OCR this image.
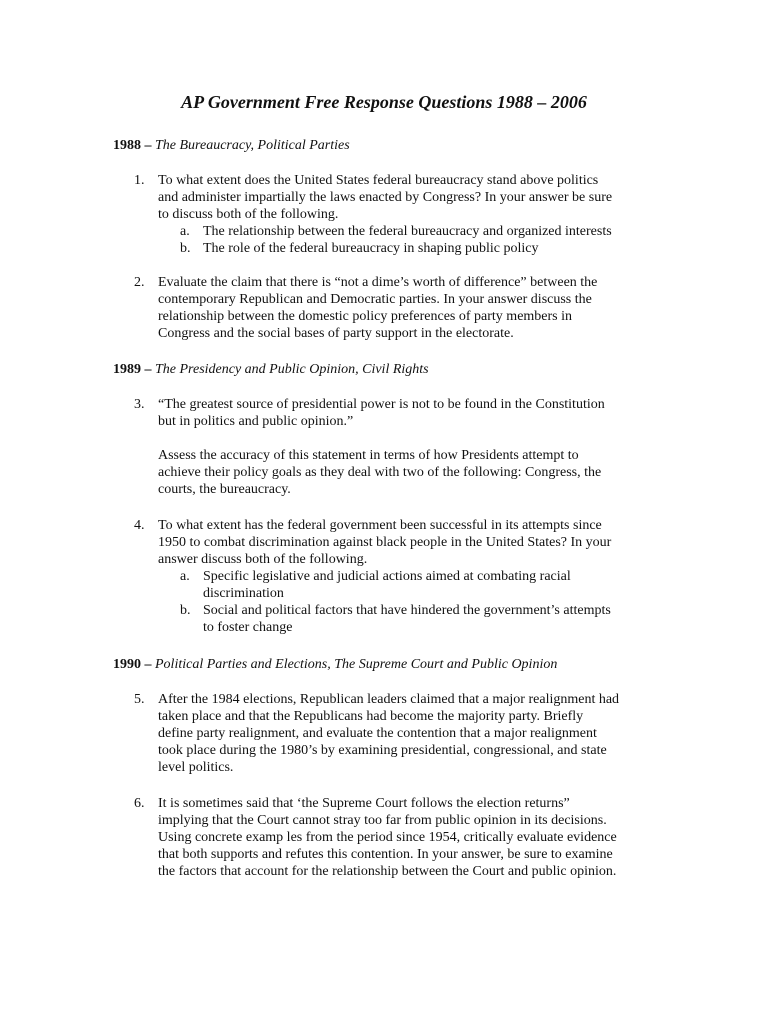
AP Government Free Response Questions 1988 – 2006

1988 – The Bureaucracy, Political Parties

1. To what extent does the United States federal bureaucracy stand above politics
and administer impartially the laws enacted by Congress? In your answer be sure
to discuss both of the following.

a. The relationship between the federal bureaucracy and organized interests
b. The role of the federal bureaucracy in shaping public policy
2. Evaluate the claim that there is “not a dime’s worth of difference” between the
contemporary Republican and Democratic parties. In your answer discuss the
relationship between the domestic policy preferences of party members in
Congress and the social bases of party support in the electorate.

1989 – The Presidency and Public Opinion, Civil Rights

3. “The greatest source of presidential power is not to be found in the Constitution
but in politics and public opinion.”

Assess the accuracy of this statement in terms of how Presidents attempt to
achieve their policy goals as they deal with two of the following: Congress, the
courts, the bureaucracy.

4. To what extent has the federal government been successful in its attempts since
1950 to combat discrimination against black people in the United States? In your
answer discuss both of the following.

a. Specific legislative and judicial actions aimed at combating racial
discrimination
b. Social and political factors that have hindered the government’s attempts
to foster change

1990 – Political Parties and Elections, The Supreme Court and Public Opinion

5. After the 1984 elections, Republican leaders claimed that a major realignment had
taken place and that the Republicans had become the majority party. Briefly
define party realignment, and evaluate the contention that a major realignment
took place during the 1980’s by examining presidential, congressional, and state
level politics.

6. It is sometimes said that ‘the Supreme Court follows the election returns”
implying that the Court cannot stray too far from public opinion in its decisions.
Using concrete examp les from the period since 1954, critically evaluate evidence
that both supports and refutes this contention. In your answer, be sure to examine
the factors that account for the relationship between the Court and public opinion.
